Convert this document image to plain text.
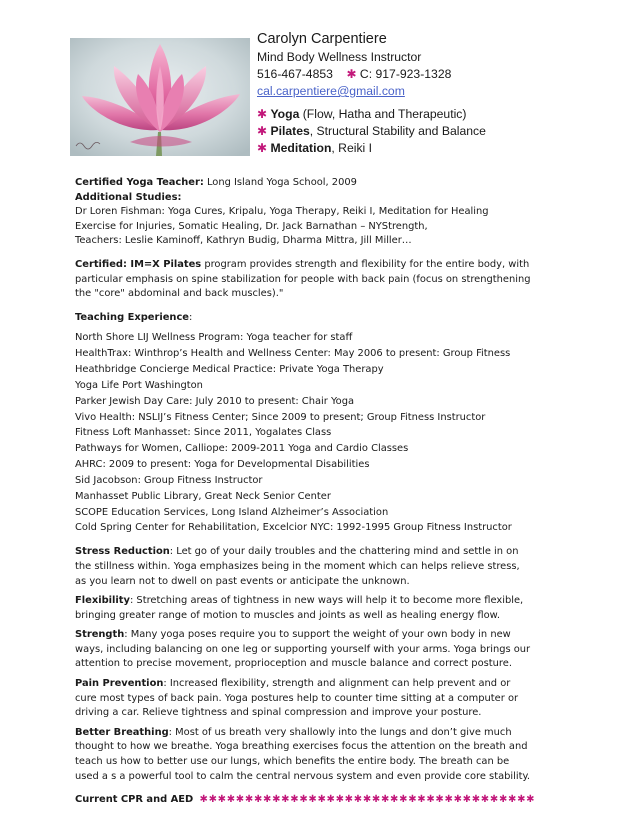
Carolyn Carpentiere
Mind Body Wellness Instructor
516-467-4853 ✱ C: 917-923-1328
cal.carpentiere@gmail.com
✱ Yoga (Flow, Hatha and Therapeutic)
✱ Pilates, Structural Stability and Balance
✱ Meditation, Reiki I

Certified Yoga Teacher: Long Island Yoga School, 2009

Additional Studies:

Dr Loren Fishman: Yoga Cures, Kripalu, Yoga Therapy, Reiki I, Meditation for Healing

Exercise for Injuries, Somatic Healing, Dr. Jack Barnathan – NYStrength,

Teachers: Leslie Kaminoff, Kathryn Budig, Dharma Mittra, Jill Miller…

Certified: IM=X Pilates program provides strength and flexibility for the entire body, with

particular emphasis on spine stabilization for people with back pain (focus on strengthening

the "core" abdominal and back muscles)."

Teaching Experience:

North Shore LIJ Wellness Program: Yoga teacher for staff

HealthTrax: Winthrop’s Health and Wellness Center: May 2006 to present: Group Fitness

Heathbridge Concierge Medical Practice: Private Yoga Therapy

Yoga Life Port Washington

Parker Jewish Day Care: July 2010 to present: Chair Yoga

Vivo Health: NSLIJ’s Fitness Center; Since 2009 to present; Group Fitness Instructor

Fitness Loft Manhasset: Since 2011, Yogalates Class

Pathways for Women, Calliope: 2009-2011 Yoga and Cardio Classes

AHRC: 2009 to present: Yoga for Developmental Disabilities

Sid Jacobson: Group Fitness Instructor

Manhasset Public Library, Great Neck Senior Center

SCOPE Education Services, Long Island Alzheimer’s Association

Cold Spring Center for Rehabilitation, Excelcior NYC: 1992-1995 Group Fitness Instructor

Stress Reduction: Let go of your daily troubles and the chattering mind and settle in on

the stillness within. Yoga emphasizes being in the moment which can helps relieve stress,

as you learn not to dwell on past events or anticipate the unknown.

Flexibility: Stretching areas of tightness in new ways will help it to become more flexible,

bringing greater range of motion to muscles and joints as well as healing energy flow.

Strength: Many yoga poses require you to support the weight of your own body in new

ways, including balancing on one leg or supporting yourself with your arms. Yoga brings our

attention to precise movement, proprioception and muscle balance and correct posture.

Pain Prevention: Increased flexibility, strength and alignment can help prevent and or

cure most types of back pain. Yoga postures help to counter time sitting at a computer or

driving a car. Relieve tightness and spinal compression and improve your posture.

Better Breathing: Most of us breath very shallowly into the lungs and don’t give much

thought to how we breathe. Yoga breathing exercises focus the attention on the breath and

teach us how to better use our lungs, which benefits the entire body. The breath can be

used a s a powerful tool to calm the central nervous system and even provide core stability.

Current CPR and AED ✱✱✱✱✱✱✱✱✱✱✱✱✱✱✱✱✱✱✱✱✱✱✱✱✱✱✱✱✱✱✱✱✱✱✱✱✱
